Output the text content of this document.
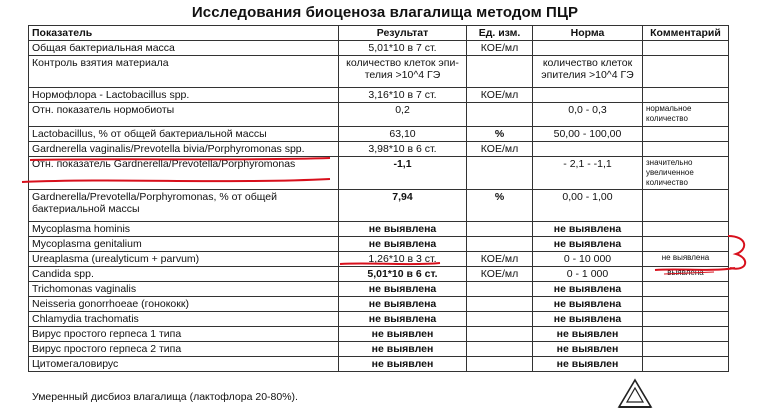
Исследования биоценоза влагалища методом ПЦР
Показатель	Результат	Ед. изм.	Норма	Комментарий
Общая бактериальная масса	5,01*10 в 7 ст.	КОЕ/мл		
Контроль взятия материала	количество клеток эпи-телия >10^4 ГЭ		количество клеток эпителия >10^4 ГЭ	
Нормофлора - Lactobacillus spp.	3,16*10 в 7 ст.	КОЕ/мл		
Отн. показатель нормобиоты	0,2		0,0 - 0,3	нормальное количество
Lactobacillus, % от общей бактериальной массы	63,10	%	50,00 - 100,00	
Gardnerella vaginalis/Prevotella bivia/Porphyromonas spp.	3,98*10 в 6 ст.	КОЕ/мл		
Отн. показатель Gardnerella/Prevotella/Porphyromonas	-1,1		- 2,1 - -1,1	значительно увеличенное количество
Gardnerella/Prevotella/Porphyromonas, % от общей бактериальной массы	7,94	%	0,00 - 1,00	
Mycoplasma hominis	не выявлена		не выявлена	
Mycoplasma genitalium	не выявлена		не выявлена	
Ureaplasma (urealyticum + parvum)	1,26*10 в 3 ст.	КОЕ/мл	0 - 10 000	не выявлена
Candida spp.	5,01*10 в 6 ст.	КОЕ/мл	0 - 1 000	выявлена
Trichomonas vaginalis	не выявлена		не выявлена	
Neisseria gonorrhoeae (гонококк)	не выявлена		не выявлена	
Chlamydia trachomatis	не выявлена		не выявлена	
Вирус простого герпеса 1 типа	не выявлен		не выявлен	
Вирус простого герпеса 2 типа	не выявлен		не выявлен	
Цитомегаловирус	не выявлен		не выявлен	
Умеренный дисбиоз влагалища (лактофлора 20-80%).
